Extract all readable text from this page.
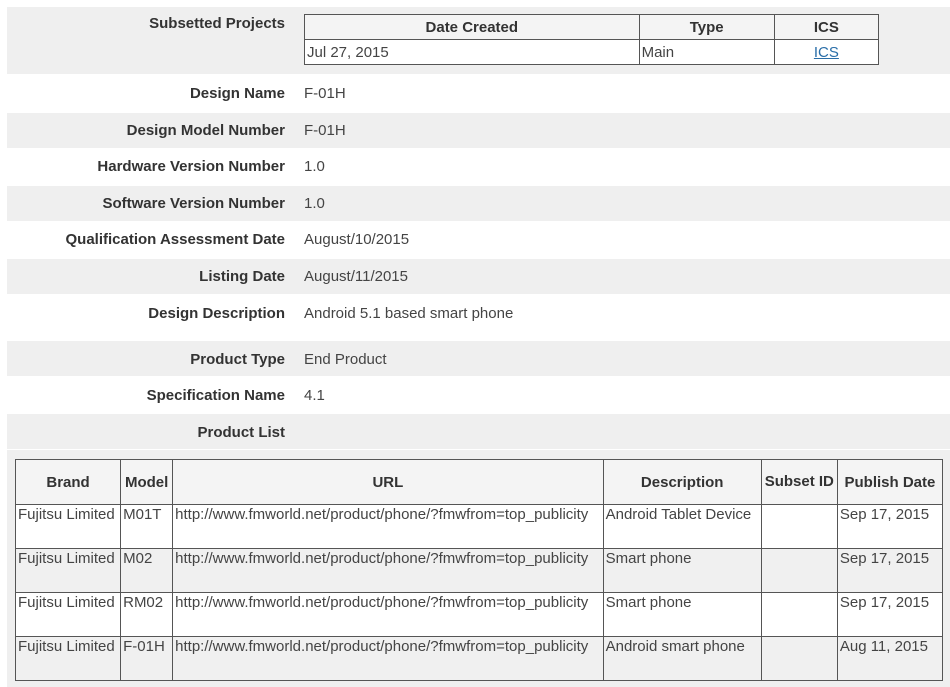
Subsetted Projects	Date Created	Type	ICS
Jul 27, 2015	Main	ICS
Design Name F-01H
Design Model Number F-01H
Hardware Version Number 1.0
Software Version Number 1.0
Qualification Assessment Date August/10/2015
Listing Date August/11/2015
Design Description Android 5.1 based smart phone
Product Type End Product
Specification Name 4.1
Product List
Brand	Model	URL	Description	Subset ID	Publish Date
Fujitsu Limited	M01T	http://www.fmworld.net/product/phone/?fmwfrom=top_publicity	Android Tablet Device		Sep 17, 2015
Fujitsu Limited	M02	http://www.fmworld.net/product/phone/?fmwfrom=top_publicity	Smart phone		Sep 17, 2015
Fujitsu Limited	RM02	http://www.fmworld.net/product/phone/?fmwfrom=top_publicity	Smart phone		Sep 17, 2015
Fujitsu Limited	F-01H	http://www.fmworld.net/product/phone/?fmwfrom=top_publicity	Android smart phone		Aug 11, 2015
